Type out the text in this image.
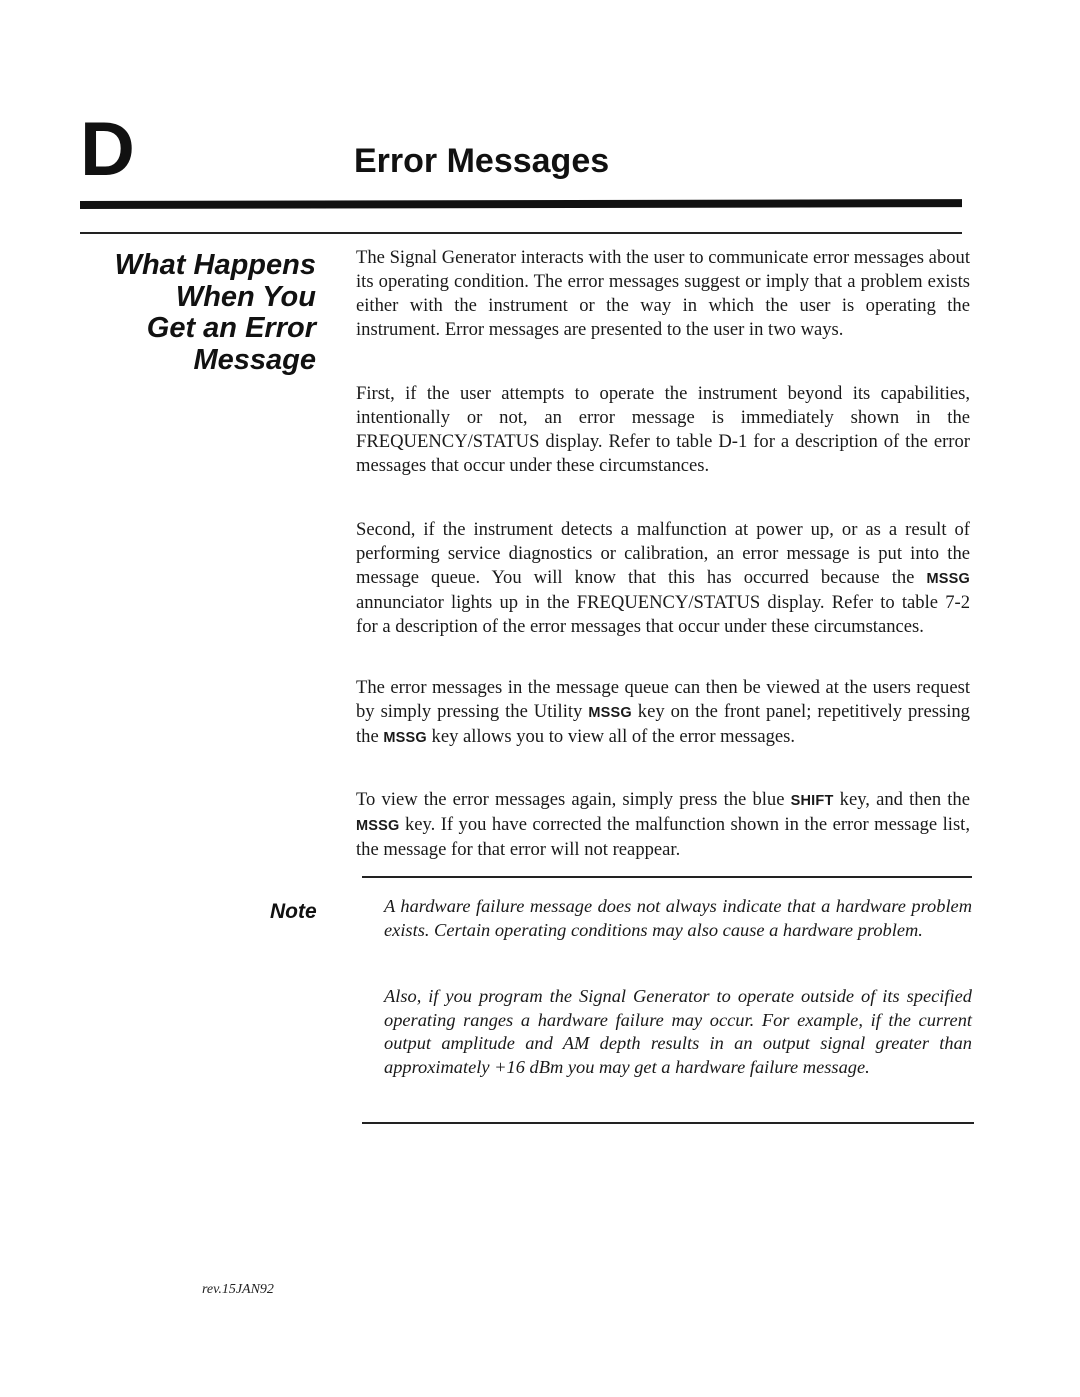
D	Error Messages
What Happens
When You
Get an Error
Message

The Signal Generator interacts with the user to communicate error messages about its operating condition. The error messages suggest or imply that a problem exists either with the instrument or the way in which the user is operating the instrument. Error messages are presented to the user in two ways.

First, if the user attempts to operate the instrument beyond its capabilities, intentionally or not, an error message is immediately shown in the FREQUENCY/STATUS display. Refer to table D-1 for a description of the error messages that occur under these circumstances.

Second, if the instrument detects a malfunction at power up, or as a result of performing service diagnostics or calibration, an error message is put into the message queue. You will know that this has occurred because the MSSG annunciator lights up in the FREQUENCY/STATUS display. Refer to table 7-2 for a description of the error messages that occur under these circumstances.

The error messages in the message queue can then be viewed at the users request by simply pressing the Utility MSSG key on the front panel; repetitively pressing the MSSG key allows you to view all of the error messages.

To view the error messages again, simply press the blue SHIFT key, and then the MSSG key. If you have corrected the malfunction shown in the error message list, the message for that error will not reappear.

Note	A hardware failure message does not always indicate that a hardware problem exists. Certain operating conditions may also cause a hardware problem.

Also, if you program the Signal Generator to operate outside of its specified operating ranges a hardware failure may occur. For example, if the current output amplitude and AM depth results in an output signal greater than approximately +16 dBm you may get a hardware failure message.

rev.15JAN92
